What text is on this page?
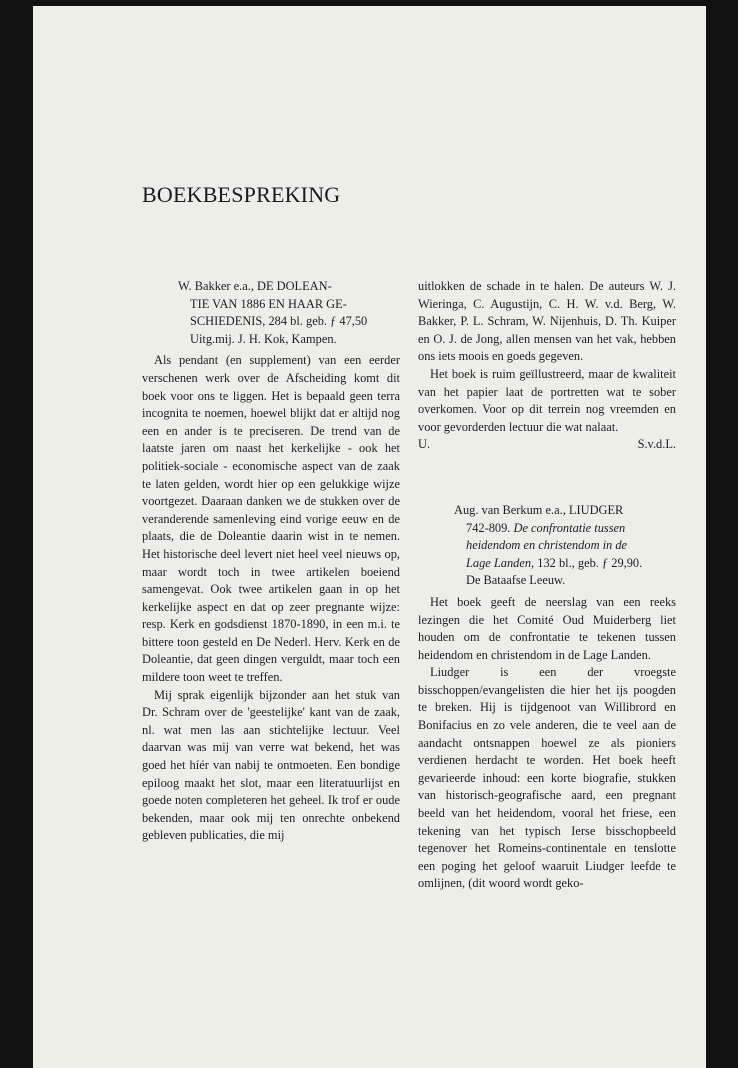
BOEKBESPREKING
W. Bakker e.a., DE DOLEAN-
TIE VAN 1886 EN HAAR GE-
SCHIEDENIS, 284 bl. geb. ƒ 47,50
Uitg.mij. J. H. Kok, Kampen.

Als pendant (en supplement) van een eerder verschenen werk over de Afscheiding komt dit boek voor ons te liggen. Het is bepaald geen terra incognita te noemen, hoewel blijkt dat er altijd nog een en ander is te preciseren. De trend van de laatste jaren om naast het kerkelijke - ook het politiek-sociale - economische aspect van de zaak te laten gelden, wordt hier op een gelukkige wijze voortgezet. Daaraan danken we de stukken over de veranderende samenleving eind vorige eeuw en de plaats, die de Doleantie daarin wist in te nemen. Het historische deel levert niet heel veel nieuws op, maar wordt toch in twee artikelen boeiend samengevat. Ook twee artikelen gaan in op het kerkelijke aspect en dat op zeer pregnante wijze: resp. Kerk en godsdienst 1870-1890, in een m.i. te bittere toon gesteld en De Nederl. Herv. Kerk en de Doleantie, dat geen dingen verguldt, maar toch een mildere toon weet te treffen.

Mij sprak eigenlijk bijzonder aan het stuk van Dr. Schram over de 'geestelijke' kant van de zaak, nl. wat men las aan stichtelijke lectuur. Veel daarvan was mij van verre wat bekend, het was goed het híér van nabij te ontmoeten. Een bondige epiloog maakt het slot, maar een literatuurlijst en goede noten completeren het geheel. Ik trof er oude bekenden, maar ook mij ten onrechte onbekend gebleven publicaties, die mij

uitlokken de schade in te halen. De auteurs W. J. Wieringa, C. Augustijn, C. H. W. v.d. Berg, W. Bakker, P. L. Schram, W. Nijenhuis, D. Th. Kuiper en O. J. de Jong, allen mensen van het vak, hebben ons iets moois en goeds gegeven.

Het boek is ruim geïllustreerd, maar de kwaliteit van het papier laat de portretten wat te sober overkomen. Voor op dit terrein nog vreemden en voor gevorderden lectuur die wat nalaat.

U.	S.v.d.L.
Aug. van Berkum e.a., LIUDGER
742-809. De confrontatie tussen
heidendom en christendom in de
Lage Landen, 132 bl., geb. ƒ 29,90.
De Bataafse Leeuw.

Het boek geeft de neerslag van een reeks lezingen die het Comité Oud Muiderberg liet houden om de confrontatie te tekenen tussen heidendom en christendom in de Lage Landen.

Liudger is een der vroegste bisschoppen/evangelisten die hier het ijs poogden te breken. Hij is tijdgenoot van Willibrord en Bonifacius en zo vele anderen, die te veel aan de aandacht ontsnappen hoewel ze als pioniers verdienen herdacht te worden. Het boek heeft gevarieerde inhoud: een korte biografie, stukken van historisch-geografische aard, een pregnant beeld van het heidendom, vooral het friese, een tekening van het typisch Ierse bisschopbeeld tegenover het Romeins-continentale en tenslotte een poging het geloof waaruit Liudger leefde te omlijnen, (dit woord wordt geko-
